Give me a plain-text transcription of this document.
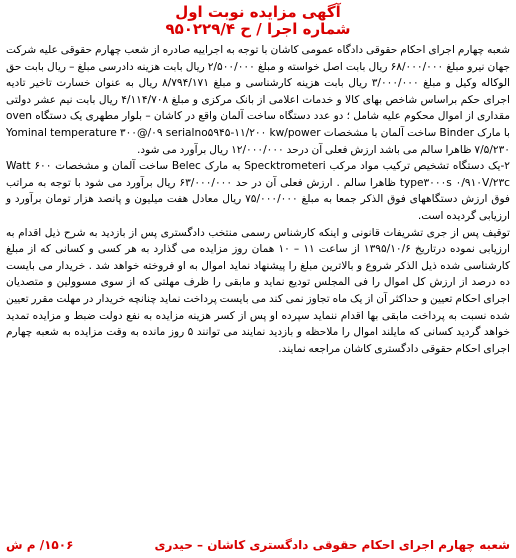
آگهی مزایده نوبت اول
شماره اجرا / ح ۹۵۰۲۲۹/۴

شعبه چهارم اجرای احکام حقوقی دادگاه عمومی کاشان با توجه به اجراییه صادره از شعب چهارم حقوقی علیه شرکت جهان نیرو مبلغ ۶۸/۰۰۰/۰۰۰ ریال بابت اصل خواسته و مبلغ ۲/۵۰۰/۰۰۰ ریال بابت هزینه دادرسی مبلغ – ریال بابت حق الوکاله وکیل و مبلغ ۳/۰۰۰/۰۰۰ ریال بابت هزینه کارشناسی و مبلغ ۸/۷۹۴/۱۷۱ ریال به عنوان خسارت تاخیر تادیه اجرای حکم براساس شاخص بهای کالا و خدمات اعلامی از بانک مرکزی و مبلغ ۴/۱۱۴/۷۰۸ ریال بابت نیم عشر دولتی مقداری از اموال محکوم علیه شامل ؛ دو عدد دستگاه ساخت آلمان واقع در کاشان – بلوار مطهری یک دستگاه oven با مارک Binder ساخت آلمان با مشخصات Yominal temperature ۳۰۰@/۰۹ serialno۵۹۴۵-۱۱/۲۰۰ kw/power ۷/۵/۲۳۰ ظاهرا سالم می باشد ارزش فعلی آن درحد ۱۲/۰۰۰/۰۰۰ ریال برآورد می شود.

۲-یک دستگاه تشخیص ترکیب مواد مرکب Specktrometeri به مارک Belec ساخت آلمان و مشخصات Watt ۶۰۰ type۳۰۰۰s ۰/۹۱۰V/۲۳c ظاهرا سالم . ارزش فعلی آن در حد ۶۳/۰۰۰/۰۰۰ ریال برآورد می شود با توجه به مراتب فوق ارزش دستگاههای فوق الذکر جمعا به مبلغ ۷۵/۰۰۰/۰۰۰ ریال معادل هفت میلیون و پانصد هزار تومان برآورد و ارزیابی گردیده است.

توقیف پس از جری تشریفات قانونی و اینکه کارشناس رسمی منتخب دادگستری پس از بازدید به شرح ذیل اقدام به ارزیابی نموده درتاریخ ۱۳۹۵/۱۰/۶ از ساعت ۱۱ – ۱۰ همان روز مزایده می گذارد به هر کسی و کسانی که از مبلغ کارشناسی شده ذیل الذکر شروع و بالاترین مبلغ را پیشنهاد نماید اموال به او فروخته خواهد شد . خریدار می بایست ده درصد از ارزش کل اموال را فی المجلس تودیع نماید و مابقی را ظرف مهلتی که از سوی مسوولین و متصدیان اجرای احکام تعیین و حداکثر آن از یک ماه تجاوز نمی کند می بایست پرداخت نماید چنانچه خریدار در مهلت مقرر تعیین شده نسبت به پرداخت مابقی بها اقدام ننماید سپرده او پس از کسر هزینه مزایده به نفع دولت ضبط و مزایده تمدید خواهد گردید کسانی که مایلند اموال را ملاحظه و بازدید نمایند می توانند ۵ روز مانده به وقت مزایده به شعبه چهارم اجرای احکام حقوقی دادگستری کاشان مراجعه نمایند.

شعبه چهارم اجرای احکام حقوقی دادگستری کاشان – حیدری
۱۵۰۶/ م ش
